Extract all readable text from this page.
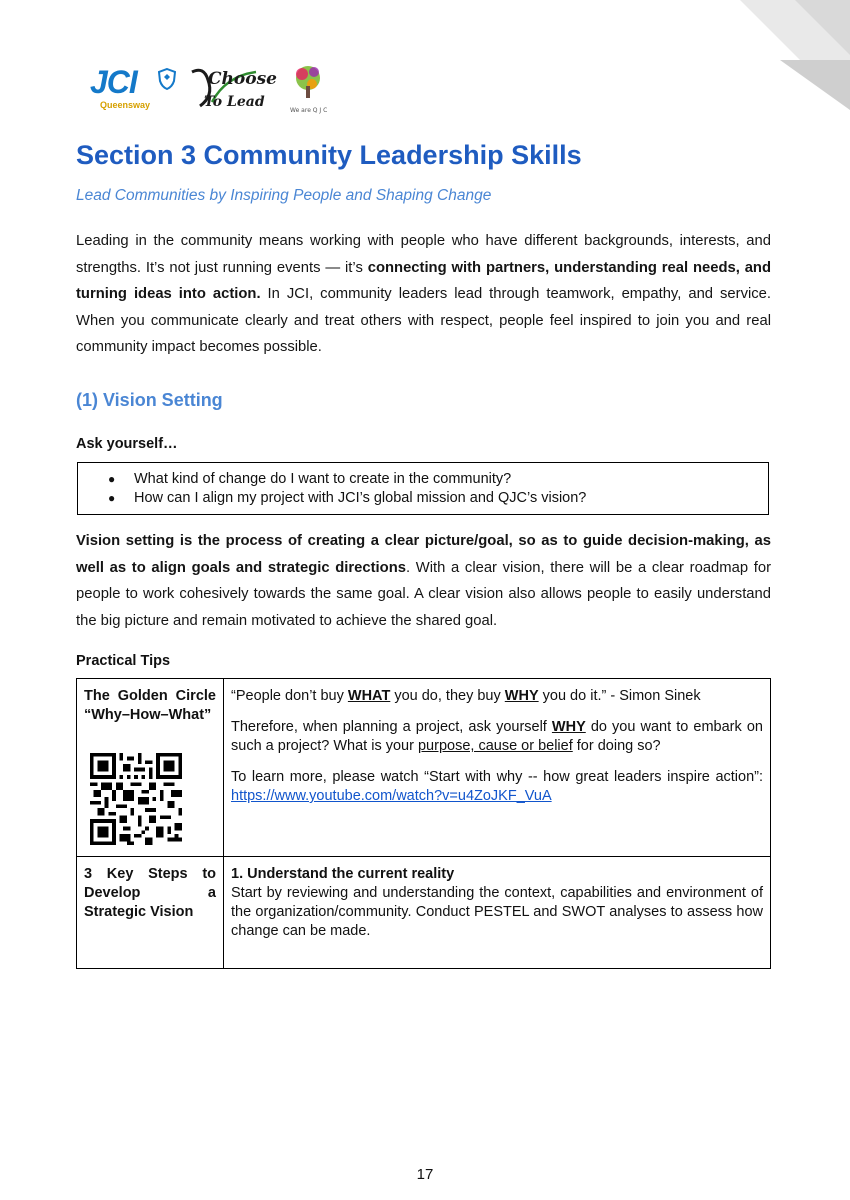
JCI
Queensway
Choose
To Lead
We are Q J C
Section 3 Community Leadership Skills

Lead Communities by Inspiring People and Shaping Change

Leading in the community means working with people who have different backgrounds, interests, and strengths. It’s not just running events — it’s connecting with partners, understanding real needs, and turning ideas into action. In JCI, community leaders lead through teamwork, empathy, and service. When you communicate clearly and treat others with respect, people feel inspired to join you and real community impact becomes possible.

(1) Vision Setting

Ask yourself…

● What kind of change do I want to create in the community?
● How can I align my project with JCI’s global mission and QJC’s vision?

Vision setting is the process of creating a clear picture/goal, so as to guide decision-making, as well as to align goals and strategic directions. With a clear vision, there will be a clear roadmap for people to work cohesively towards the same goal. A clear vision also allows people to easily understand the big picture and remain motivated to achieve the shared goal.

Practical Tips

The Golden Circle “Why–How–What”	“People don’t buy WHAT you do, they buy WHY you do it.” - Simon Sinek

Therefore, when planning a project, ask yourself WHY do you want to embark on such a project? What is your purpose, cause or belief for doing so?

To learn more, please watch “Start with why -- how great leaders inspire action”: https://www.youtube.com/watch?v=u4ZoJKF_VuA

3 Key Steps to Develop a Strategic Vision	1. Understand the current reality
Start by reviewing and understanding the context, capabilities and environment of the organization/community. Conduct PESTEL and SWOT analyses to assess how change can be made.

17
